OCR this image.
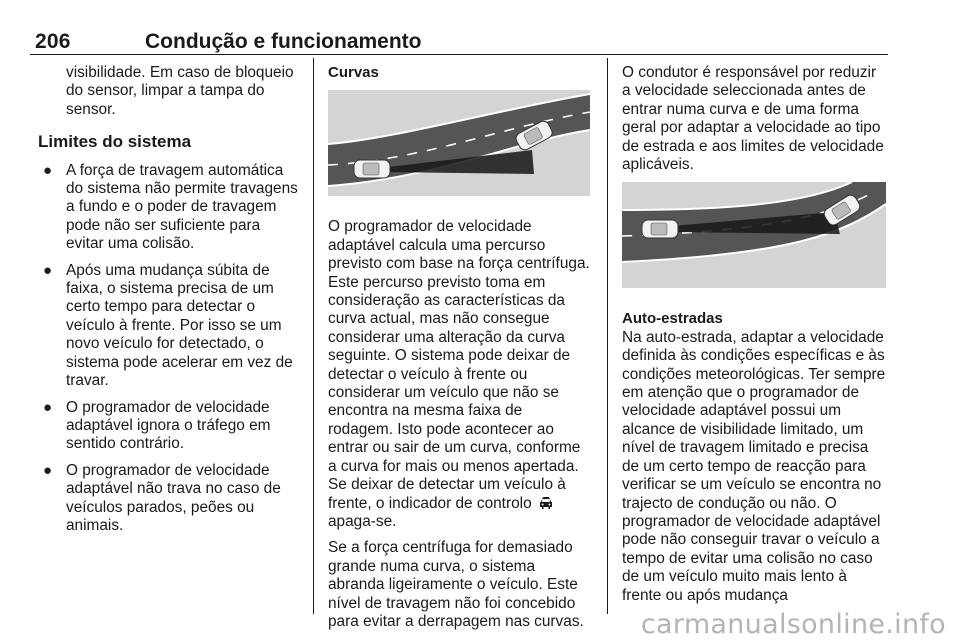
206	Condução e funcionamento

visibilidade. Em caso de bloqueio do sensor, limpar a tampa do sensor.

Limites do sistema
● A força de travagem automática do sistema não permite travagens a fundo e o poder de travagem pode não ser suficiente para evitar uma colisão.
● Após uma mudança súbita de faixa, o sistema precisa de um certo tempo para detectar o veículo à frente. Por isso se um novo veículo for detectado, o sistema pode acelerar em vez de travar.
● O programador de velocidade adaptável ignora o tráfego em sentido contrário.
● O programador de velocidade adaptável não trava no caso de veículos parados, peões ou animais.
Curvas

O programador de velocidade adaptável calcula uma percurso previsto com base na força centrífuga. Este percurso previsto toma em consideração as características da curva actual, mas não consegue considerar uma alteração da curva seguinte. O sistema pode deixar de detectar o veículo à frente ou considerar um veículo que não se encontra na mesma faixa de rodagem. Isto pode acontecer ao entrar ou sair de um curva, conforme a curva for mais ou menos apertada. Se deixar de detectar um veículo à frente, o indicador de controlo  apaga-se.

Se a força centrífuga for demasiado grande numa curva, o sistema abranda ligeiramente o veículo. Este nível de travagem não foi concebido para evitar a derrapagem nas curvas.

O condutor é responsável por reduzir a velocidade seleccionada antes de entrar numa curva e de uma forma geral por adaptar a velocidade ao tipo de estrada e aos limites de velocidade aplicáveis.

Auto-estradas

Na auto-estrada, adaptar a velocidade definida às condições específicas e às condições meteorológicas. Ter sempre em atenção que o programador de velocidade adaptável possui um alcance de visibilidade limitado, um nível de travagem limitado e precisa de um certo tempo de reacção para verificar se um veículo se encontra no trajecto de condução ou não. O programador de velocidade adaptável pode não conseguir travar o veículo a tempo de evitar uma colisão no caso de um veículo muito mais lento à frente ou após mudança

carmanualsonline.info
